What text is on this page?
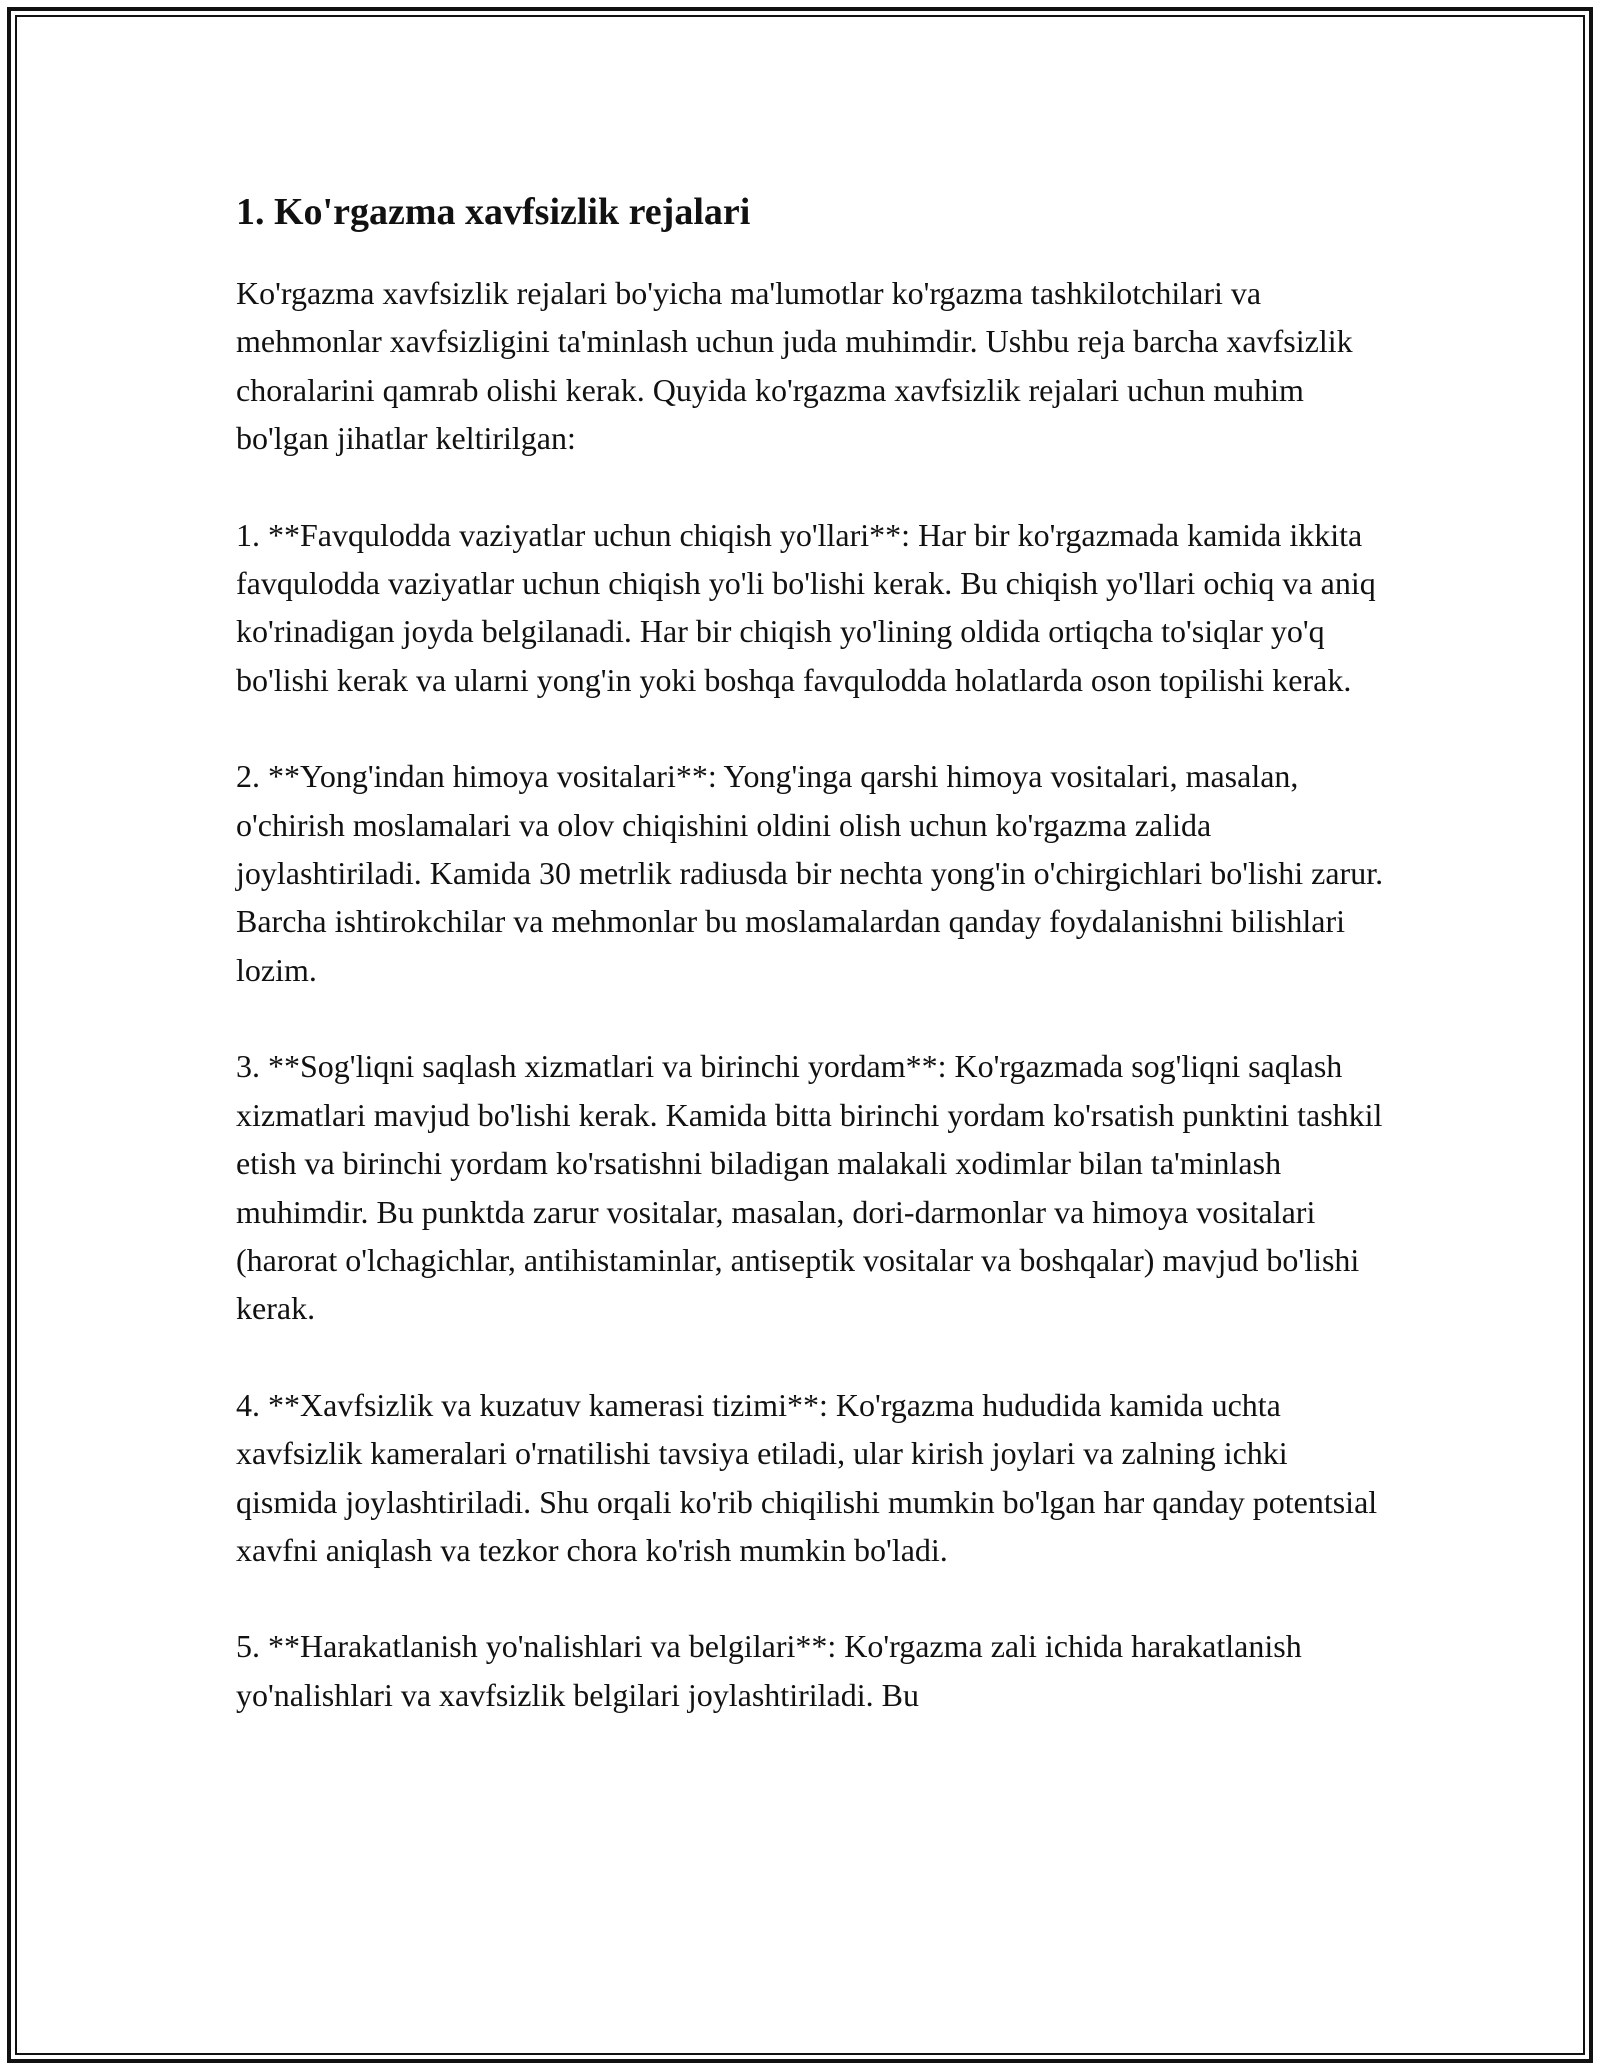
1. Ko'rgazma xavfsizlik rejalari

Ko'rgazma xavfsizlik rejalari bo'yicha ma'lumotlar ko'rgazma tashkilotchilari va mehmonlar xavfsizligini ta'minlash uchun juda muhimdir. Ushbu reja barcha xavfsizlik choralarini qamrab olishi kerak. Quyida ko'rgazma xavfsizlik rejalari uchun muhim bo'lgan jihatlar keltirilgan:

1. **Favqulodda vaziyatlar uchun chiqish yo'llari**: Har bir ko'rgazmada kamida ikkita favqulodda vaziyatlar uchun chiqish yo'li bo'lishi kerak. Bu chiqish yo'llari ochiq va aniq ko'rinadigan joyda belgilanadi. Har bir chiqish yo'lining oldida ortiqcha to'siqlar yo'q bo'lishi kerak va ularni yong'in yoki boshqa favqulodda holatlarda oson topilishi kerak.

2. **Yong'indan himoya vositalari**: Yong'inga qarshi himoya vositalari, masalan, o'chirish moslamalari va olov chiqishini oldini olish uchun ko'rgazma zalida joylashtiriladi. Kamida 30 metrlik radiusda bir nechta yong'in o'chirgichlari bo'lishi zarur. Barcha ishtirokchilar va mehmonlar bu moslamalardan qanday foydalanishni bilishlari lozim.

3. **Sog'liqni saqlash xizmatlari va birinchi yordam**: Ko'rgazmada sog'liqni saqlash xizmatlari mavjud bo'lishi kerak. Kamida bitta birinchi yordam ko'rsatish punktini tashkil etish va birinchi yordam ko'rsatishni biladigan malakali xodimlar bilan ta'minlash muhimdir. Bu punktda zarur vositalar, masalan, dori-darmonlar va himoya vositalari (harorat o'lchagichlar, antihistaminlar, antiseptik vositalar va boshqalar) mavjud bo'lishi kerak.

4. **Xavfsizlik va kuzatuv kamerasi tizimi**: Ko'rgazma hududida kamida uchta xavfsizlik kameralari o'rnatilishi tavsiya etiladi, ular kirish joylari va zalning ichki qismida joylashtiriladi. Shu orqali ko'rib chiqilishi mumkin bo'lgan har qanday potentsial xavfni aniqlash va tezkor chora ko'rish mumkin bo'ladi.

5. **Harakatlanish yo'nalishlari va belgilari**: Ko'rgazma zali ichida harakatlanish yo'nalishlari va xavfsizlik belgilari joylashtiriladi. Bu
